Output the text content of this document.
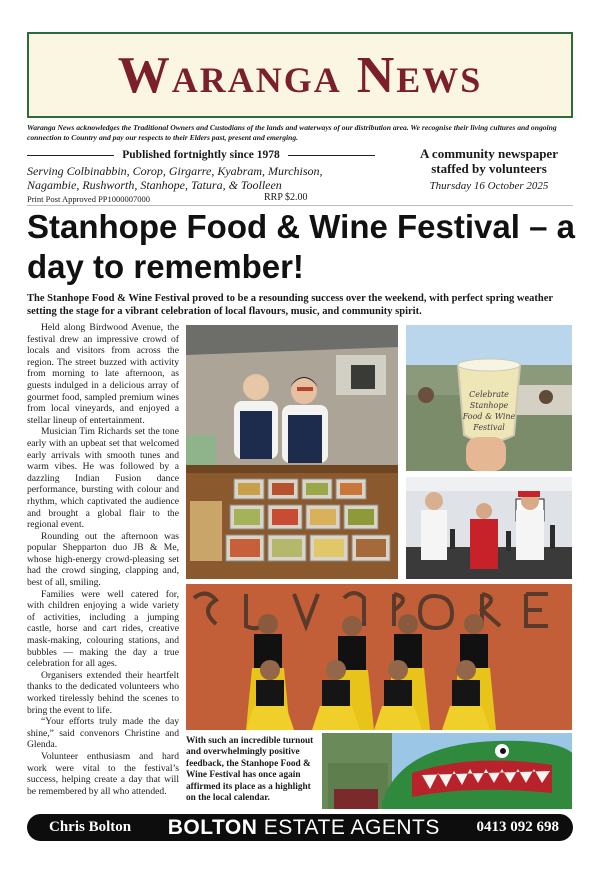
Waranga News
Waranga News acknowledges the Traditional Owners and Custodians of the lands and waterways of our distribution area. We recognise their living cultures and ongoing connection to Country and pay our respects to their Elders past, present and emerging.
Published fortnightly since 1978
Serving Colbinabbin, Corop, Girgarre, Kyabram, Murchison, Nagambie, Rushworth, Stanhope, Tatura, & Toolleen
Print Post Approved PP1000007000	RRP $2.00
A community newspaper staffed by volunteers
Thursday 16 October 2025
Stanhope Food & Wine Festival – a day to remember!
The Stanhope Food & Wine Festival proved to be a resounding success over the weekend, with perfect spring weather setting the stage for a vibrant celebration of local flavours, music, and community spirit.

Held along Birdwood Avenue, the festival drew an impressive crowd of locals and visitors from across the region. The street buzzed with activity from morning to late afternoon, as guests indulged in a delicious array of gourmet food, sampled premium wines from local vineyards, and enjoyed a stellar lineup of entertainment.

Musician Tim Richards set the tone early with an upbeat set that welcomed early arrivals with smooth tunes and warm vibes. He was followed by a dazzling Indian Fusion dance performance, bursting with colour and rhythm, which captivated the audience and brought a global flair to the regional event.

Rounding out the afternoon was popular Shepparton duo JB & Me, whose high-energy crowd-pleasing set had the crowd singing, clapping and, best of all, smiling.

Families were well catered for, with children enjoying a wide variety of activities, including a jumping castle, horse and cart rides, creative mask-making, colouring stations, and bubbles — making the day a true celebration for all ages.

Organisers extended their heartfelt thanks to the dedicated volunteers who worked tirelessly behind the scenes to bring the event to life.

“Your efforts truly made the day shine,” said convenors Christine and Glenda.

Volunteer enthusiasm and hard work were vital to the festival’s success, helping create a day that will be remembered by all who attended.

Celebrate
Stanhope
Food & Wine
Festival
With such an incredible turnout and overwhelmingly positive feedback, the Stanhope Food & Wine Festival has once again affirmed its place as a highlight on the local calendar.
Chris Bolton BOLTON ESTATE AGENTS 0413 092 698
